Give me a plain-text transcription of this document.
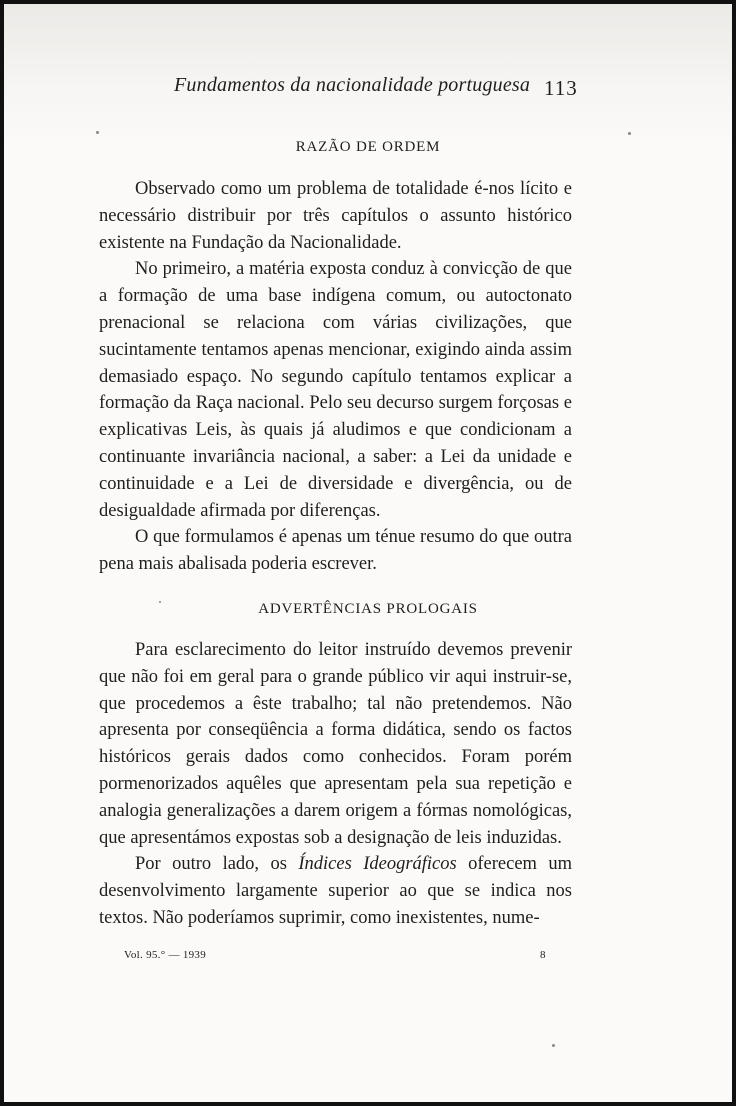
Fundamentos da nacionalidade portuguesa 113
RAZÃO DE ORDEM

Observado como um problema de totalidade é-nos lícito e necessário distribuir por três capítulos o assunto histórico existente na Fundação da Nacionalidade.

No primeiro, a matéria exposta conduz à convicção de que a formação de uma base indígena comum, ou autoctonato prenacional se relaciona com várias civilizações, que sucintamente tentamos apenas mencionar, exigindo ainda assim demasiado espaço. No segundo capítulo tentamos explicar a formação da Raça nacional. Pelo seu decurso surgem forçosas e explicativas Leis, às quais já aludimos e que condicionam a continuante invariância nacional, a saber: a Lei da unidade e continuidade e a Lei de diversidade e divergência, ou de desigualdade afirmada por diferenças.

O que formulamos é apenas um ténue resumo do que outra pena mais abalisada poderia escrever.

ADVERTÊNCIAS PROLOGAIS

Para esclarecimento do leitor instruído devemos prevenir que não foi em geral para o grande público vir aqui instruir-se, que procedemos a êste trabalho; tal não pretendemos. Não apresenta por conseqüência a forma didática, sendo os factos históricos gerais dados como conhecidos. Foram porém pormenorizados aquêles que apresentam pela sua repetição e analogia generalizações a darem origem a fórmas nomológicas, que apresentámos expostas sob a designação de leis induzidas.

Por outro lado, os Índices Ideográficos oferecem um desenvolvimento largamente superior ao que se indica nos textos. Não poderíamos suprimir, como inexistentes, nume-

Vol. 95.° — 1939	8
